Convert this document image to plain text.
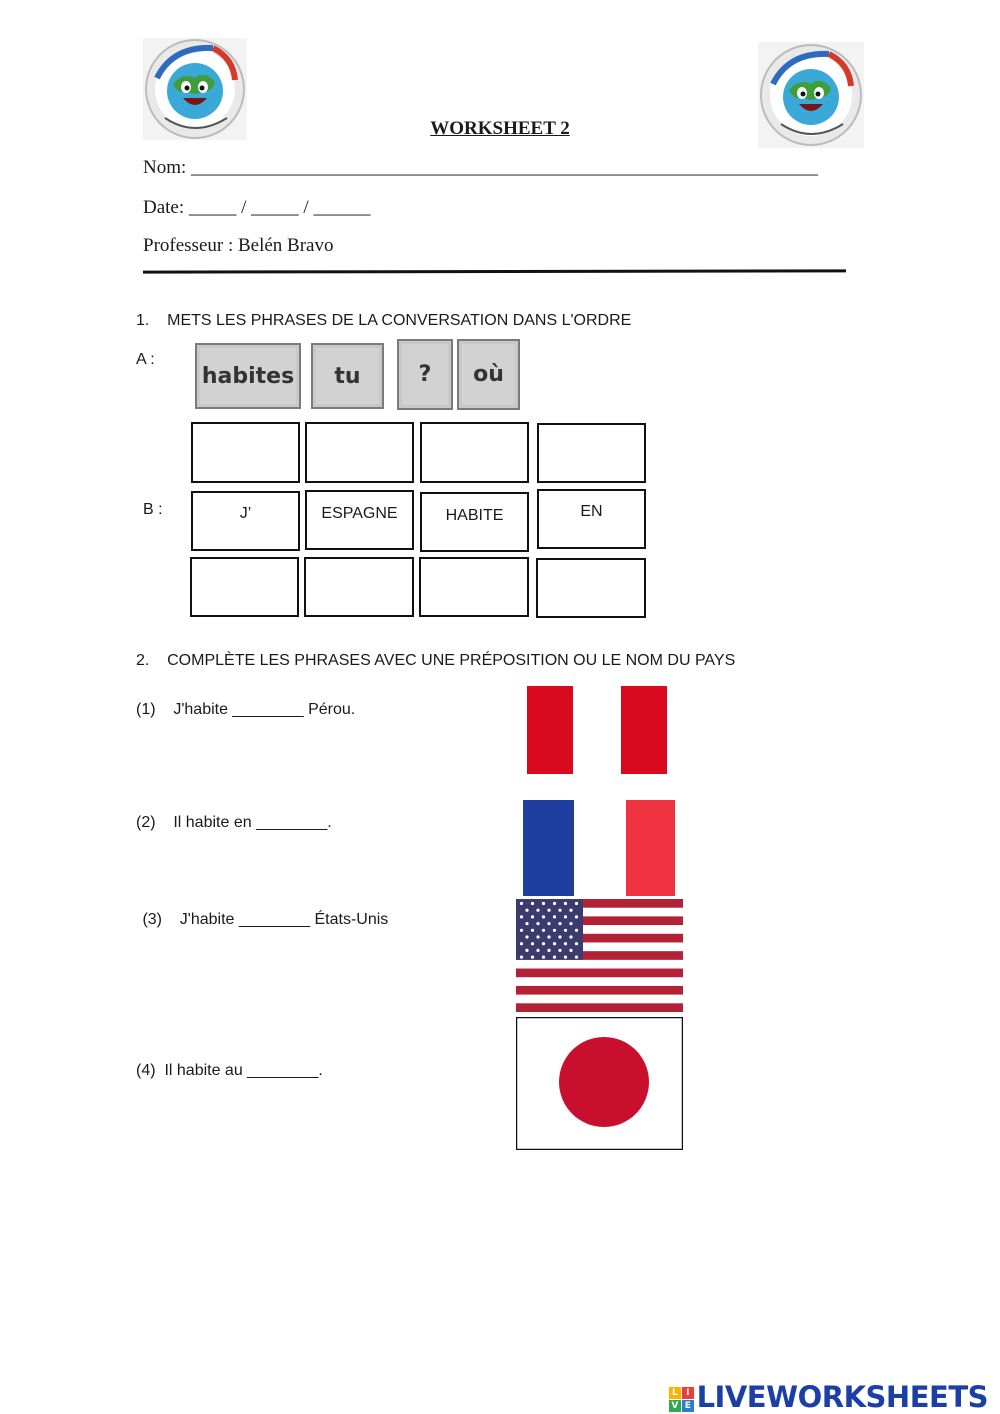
WORKSHEET 2
Nom: __________________________________________________________________
Date: _____ / _____ / ______
Professeur : Belén Bravo
1.    METS LES PHRASES DE LA CONVERSATION DANS L'ORDRE
A :
habites	tu	?	où
B :	J’	ESPAGNE	HABITE	EN
2.    COMPLÈTE LES PHRASES AVEC UNE PRÉPOSITION OU LE NOM DU PAYS
(1)    J'habite ________ Pérou.
(2)    Il habite en ________.
(3)    J'habite ________ États-Unis
(4)  Il habite au ________.
L I
V E LIVEWORKSHEETS
